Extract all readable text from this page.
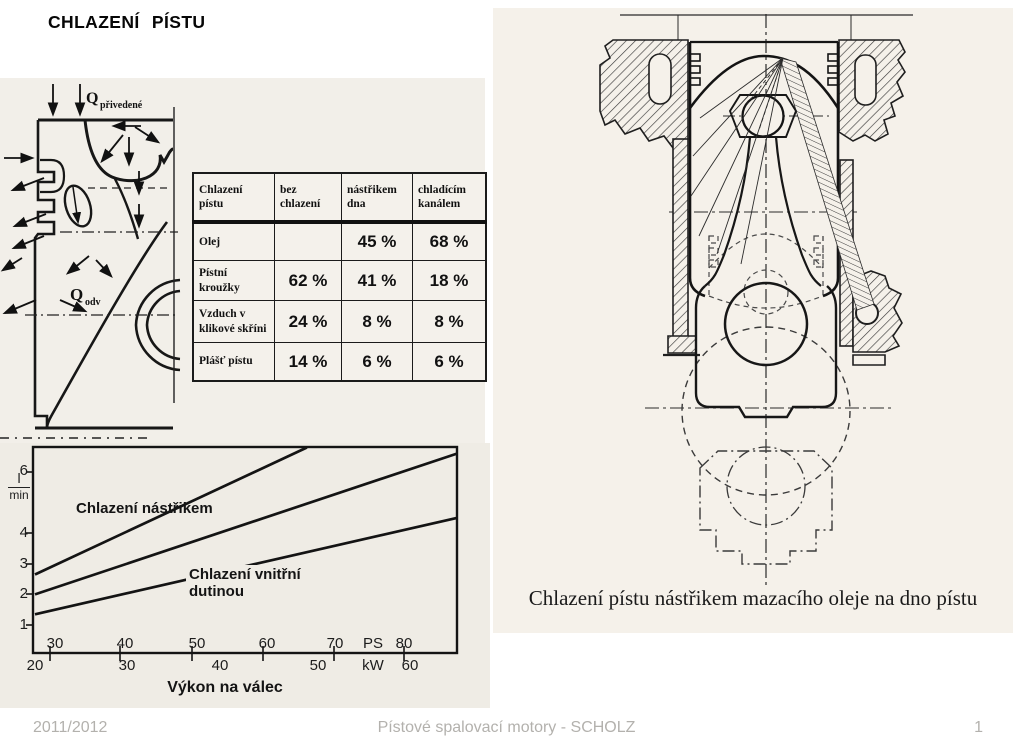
CHLAZENÍ PÍSTU
Q přivedené
Q odv
Chlazení pístu	bez chlazení	nástřikem dna	chladícím kanálem
Olej		45 %	68 %
Pístní kroužky	62 %	41 %	18 %
Vzduch v klikové skříni	24 %	8 %	8 %
Plášť pístu	14 %	6 %	6 %
6
l
min
4
3
2
1
30	40	50	60	70	PS 80
20	30	40	50	kW	60
Chlazení nástřikem
Chlazení vnitřní dutinou
Výkon na válec
Chlazení pístu nástřikem mazacího oleje na dno pístu
2011/2012	Pístové spalovací motory - SCHOLZ	1
